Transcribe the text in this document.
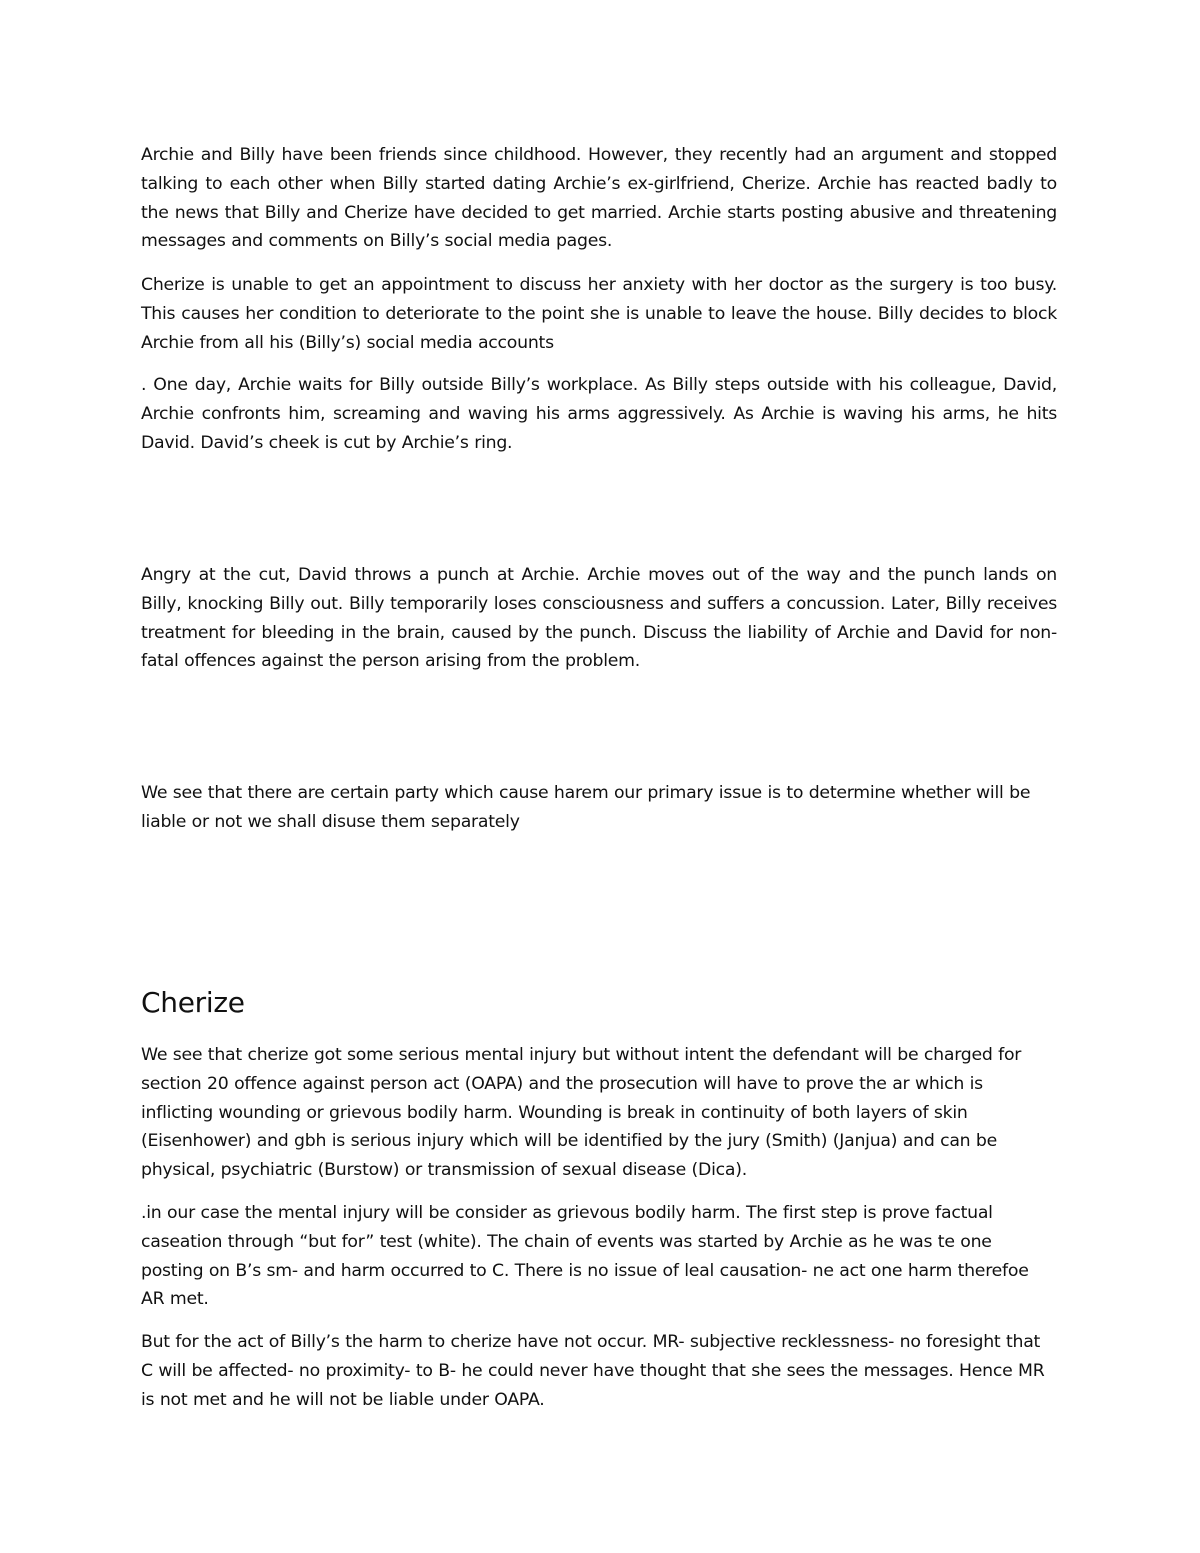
Archie and Billy have been friends since childhood. However, they recently had an argument and stopped talking to each other when Billy started dating Archie’s ex-girlfriend, Cherize. Archie has reacted badly to the news that Billy and Cherize have decided to get married. Archie starts posting abusive and threatening messages and comments on Billy’s social media pages.

Cherize is unable to get an appointment to discuss her anxiety with her doctor as the surgery is too busy. This causes her condition to deteriorate to the point she is unable to leave the house. Billy decides to block Archie from all his (Billy’s) social media accounts

. One day, Archie waits for Billy outside Billy’s workplace. As Billy steps outside with his colleague, David, Archie confronts him, screaming and waving his arms aggressively. As Archie is waving his arms, he hits David. David’s cheek is cut by Archie’s ring.

Angry at the cut, David throws a punch at Archie. Archie moves out of the way and the punch lands on Billy, knocking Billy out. Billy temporarily loses consciousness and suffers a concussion. Later, Billy receives treatment for bleeding in the brain, caused by the punch. Discuss the liability of Archie and David for non-fatal offences against the person arising from the problem.

We see that there are certain party which cause harem our primary issue is to determine whether will be liable or not we shall disuse them separately

Cherize

We see that cherize got some serious mental injury but without intent the defendant will be charged for section 20 offence against person act (OAPA) and the prosecution will have to prove the ar which is inflicting wounding or grievous bodily harm. Wounding is break in continuity of both layers of skin (Eisenhower) and gbh is serious injury which will be identified by the jury (Smith) (Janjua) and can be physical, psychiatric (Burstow) or transmission of sexual disease (Dica).

.in our case the mental injury will be consider as grievous bodily harm. The first step is prove factual caseation through “but for” test (white). The chain of events was started by Archie as he was te one posting on B’s sm- and harm occurred to C. There is no issue of leal causation- ne act one harm therefoe AR met.

But for the act of Billy’s the harm to cherize have not occur. MR- subjective recklessness- no foresight that C will be affected- no proximity- to B- he could never have thought that she sees the messages. Hence MR is not met and he will not be liable under OAPA.
